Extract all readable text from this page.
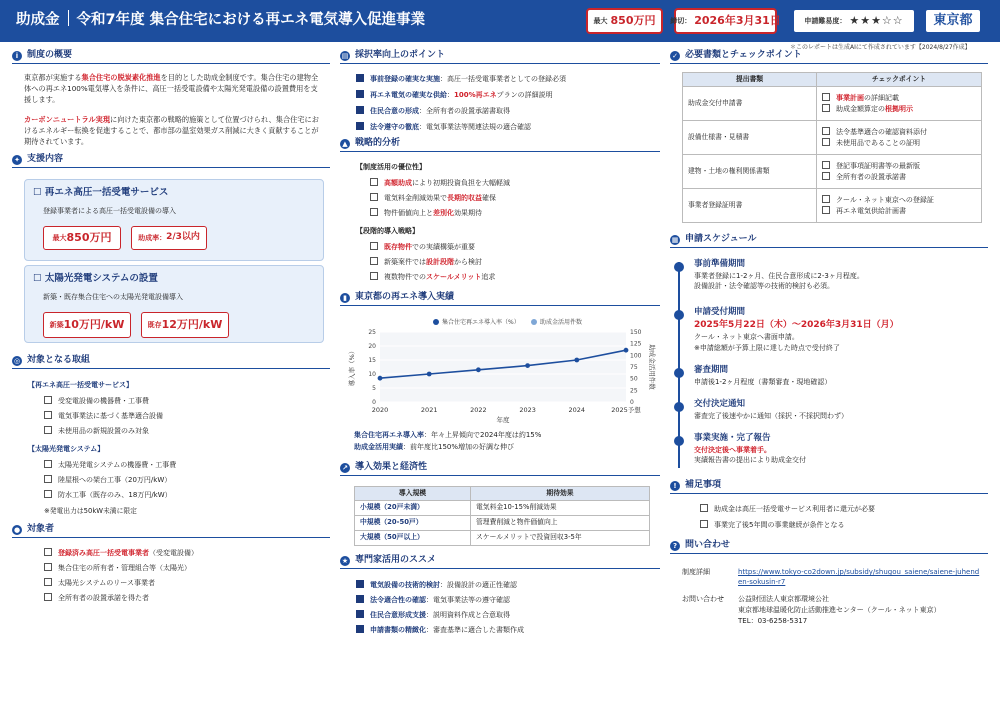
助成金 令和7年度 集合住宅における再エネ電気導入促進事業	最大 850万円 締切： 2026年3月31日	申請難易度： ★★★☆☆ 東京都
＊このレポートは生成AIにて作成されています【2024/8/27作成】
i 制度の概要
東京都が実施する集合住宅の脱炭素化推進を目的とした助成金制度です。集合住宅の建物全体への再エネ100%電気導入を条件に、高圧一括受電設備や太陽光発電設備の設置費用を支援します。
カーボンニュートラル実現に向けた東京都の戦略的施策として位置づけられ、集合住宅におけるエネルギー転換を促進することで、都市部の温室効果ガス削減に大きく貢献することが期待されています。
✦ 支援内容
☐ 再エネ高圧一括受電サービス
登録事業者による高圧一括受電設備の導入
最大 850万円	助成率： 2/3以内
☐ 太陽光発電システムの設置
新築・既存集合住宅への太陽光発電設備導入
新築 10万円/kW	既存 12万円/kW
◎ 対象となる取組
【再エネ高圧一括受電サービス】
受変電設備の機器費・工事費
電気事業法に基づく基準適合設備
未使用品の新規設置のみ対象
【太陽光発電システム】
太陽光発電システムの機器費・工事費
陸屋根への架台工事（20万円/kW）
防水工事（既存のみ、18万円/kW）
※発電出力は50kW未満に限定
● 対象者
登録済み高圧一括受電事業者（受変電設備）
集合住宅の所有者・管理組合等（太陽光）
太陽光システムのリース事業者
全所有者の設置承諾を得た者
▤ 採択率向上のポイント
事前登録の確実な実施：高圧一括受電事業者としての登録必須
再エネ電気の確実な供給：100%再エネプランの詳細説明
住民合意の形成：全所有者の設置承諾書取得
法令遵守の徹底：電気事業法等関連法規の適合確認
▲ 戦略的分析
【制度活用の優位性】
高額助成により初期投資負担を大幅軽減
電気料金削減効果で長期的収益確保
物件価値向上と差別化効果期待
【段階的導入戦略】
既存物件での実績構築が重要
新築案件では設計段階から検討
複数物件でのスケールメリット追求
▮ 東京都の再エネ導入実績
0
5
10
15
20
25
0
25
50
75
100
125
150
2020	2021	2022	2023	2024	2025予想
年度
導入率（%）	助成金活用件数
集合住宅再エネ導入率（%）	助成金活用件数
集合住宅再エネ導入率：年々上昇傾向で2024年度は約15%
助成金活用実績：前年度比150%増加の好調な伸び
↗ 導入効果と経済性
導入規模	期待効果
小規模（20戸未満）	電気料金10-15%削減効果
中規模（20-50戸）	管理費削減と物件価値向上
大規模（50戸以上）	スケールメリットで投資回収3-5年
★ 専門家活用のススメ
電気設備の技術的検討：設備設計の適正性確認
法令適合性の確認：電気事業法等の遵守確認
住民合意形成支援：説明資料作成と合意取得
申請書類の精緻化：審査基準に適合した書類作成
✓ 必要書類とチェックポイント
提出書類	チェックポイント
助成金交付申請書	事業計画の詳細記載
助成金額算定の根拠明示

設備仕様書・見積書	法令基準適合の確認資料添付
未使用品であることの証明

建物・土地の権利関係書類	登記事項証明書等の最新版
全所有者の設置承諾書

事業者登録証明書	クール・ネット東京への登録証
再エネ電気供給計画書
▦ 申請スケジュール
事前準備期間
事業者登録に1-2ヶ月、住民合意形成に2-3ヶ月程度。
設備設計・法令確認等の技術的検討も必須。
申請受付期間
2025年5月22日（木）～2026年3月31日（月）
クール・ネット東京へ書面申請。
※申請総額が予算上限に達した時点で受付終了
審査期間
申請後1-2ヶ月程度（書類審査・現地確認）
交付決定通知
審査完了後速やかに通知（採択・不採択問わず）
事業実施・完了報告
交付決定後へ事業着手。
実績報告書の提出により助成金交付
! 補足事項
助成金は高圧一括受電サービス利用者に還元が必要
事業完了後5年間の事業継続が条件となる
? 問い合わせ
制度詳細	https://www.tokyo-co2down.jp/subsidy/shugou_saiene/saiene-juhend
en-sokusin-r7
お問い合わせ 公益財団法人東京都環境公社
東京都地球温暖化防止活動推進センター（クール・ネット東京）
TEL：03-6258-5317
